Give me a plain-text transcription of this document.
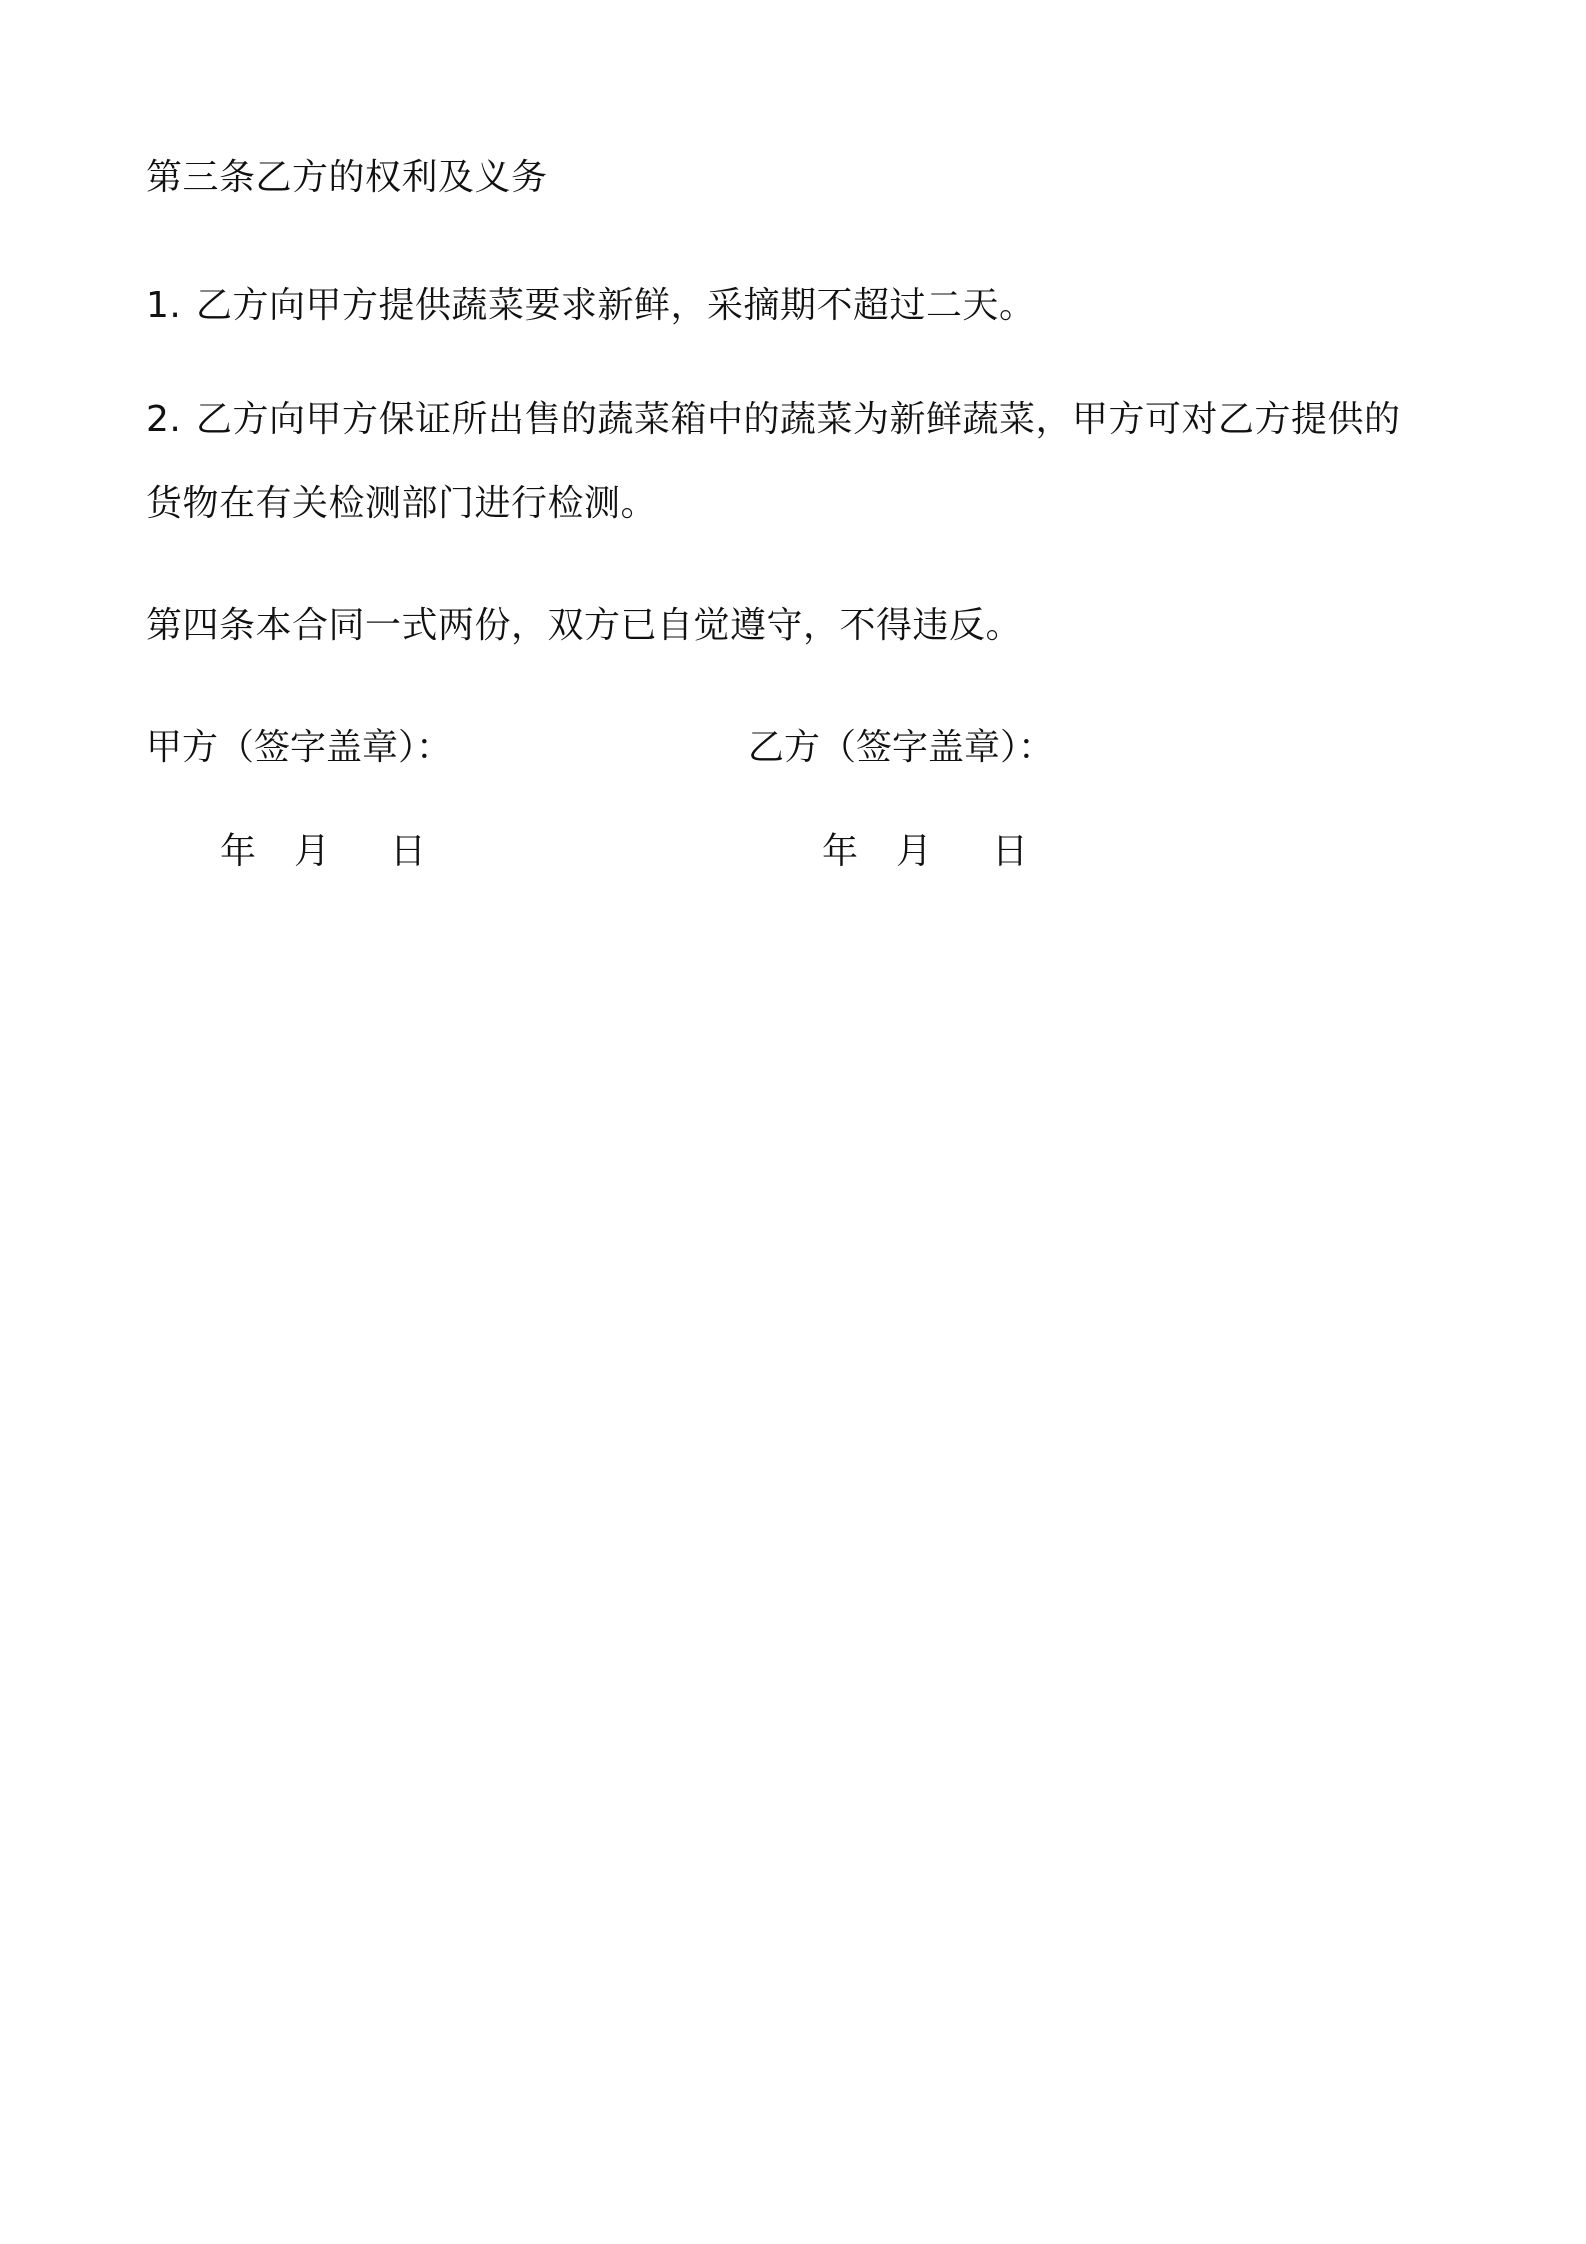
第三条乙方的权利及义务
1. 乙方向甲方提供蔬菜要求新鲜，采摘期不超过二天。
2. 乙方向甲方保证所出售的蔬菜箱中的蔬菜为新鲜蔬菜，甲方可对乙方提供的
货物在有关检测部门进行检测。
第四条本合同一式两份，双方已自觉遵守，不得违反。
甲方（签字盖章）：	乙方（签字盖章）：
年 月 日	年 月 日
